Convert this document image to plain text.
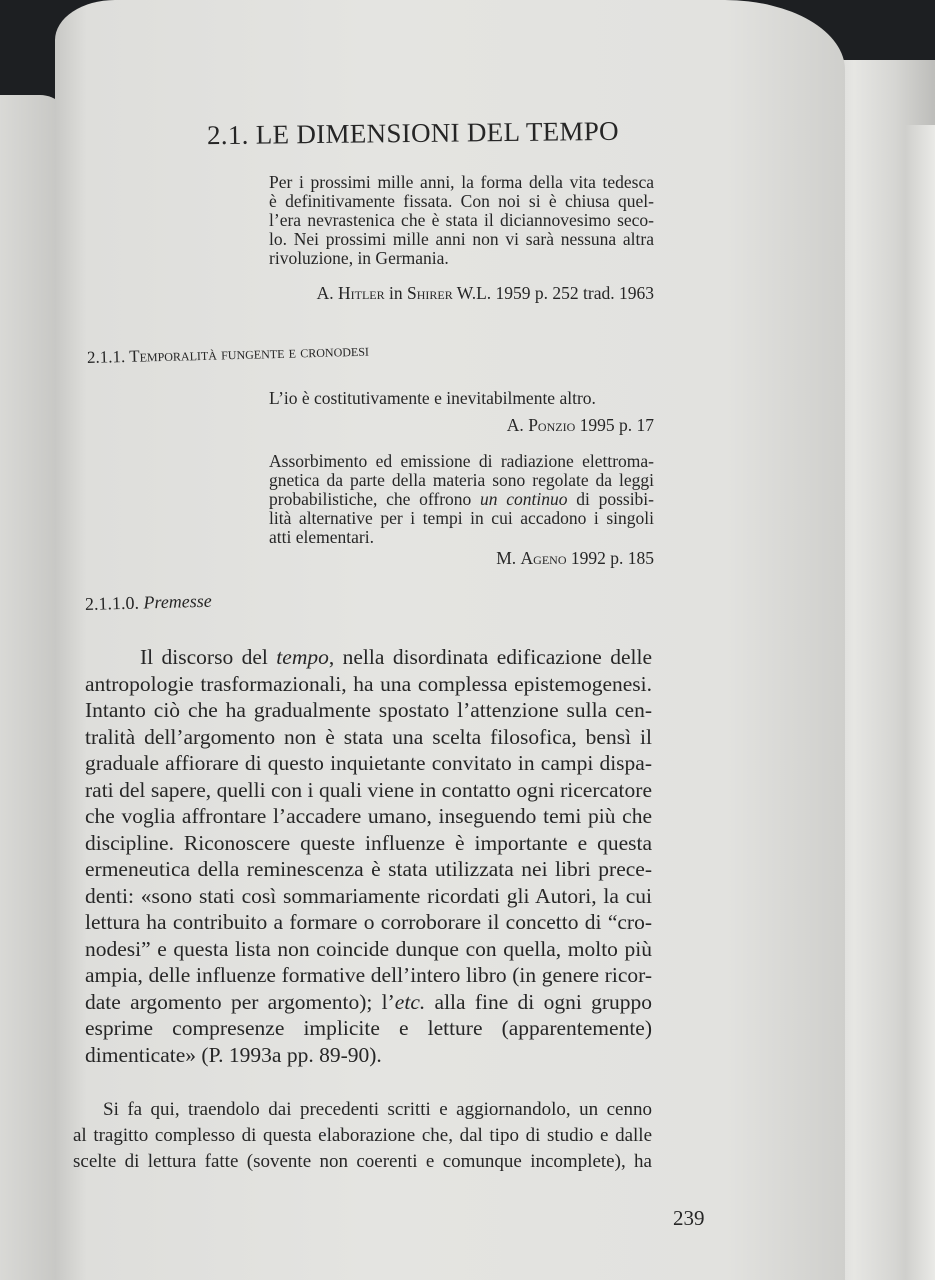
2.1. LE DIMENSIONI DEL TEMPO
Per i prossimi mille anni, la forma della vita tedesca
è definitivamente fissata. Con noi si è chiusa quel-
l’era nevrastenica che è stata il diciannovesimo seco-
lo. Nei prossimi mille anni non vi sarà nessuna altra
rivoluzione, in Germania.
A. Hitler in Shirer W.L. 1959 p. 252 trad. 1963
2.1.1. Temporalità fungente e cronodesi
L’io è costitutivamente e inevitabilmente altro.
A. Ponzio 1995 p. 17
Assorbimento ed emissione di radiazione elettroma-
gnetica da parte della materia sono regolate da leggi
probabilistiche, che offrono un continuo di possibi-
lità alternative per i tempi in cui accadono i singoli
atti elementari.
M. Ageno 1992 p. 185
2.1.1.0. Premesse
Il discorso del tempo, nella disordinata edificazione delle
antropologie trasformazionali, ha una complessa epistemogenesi.
Intanto ciò che ha gradualmente spostato l’attenzione sulla cen-
tralità dell’argomento non è stata una scelta filosofica, bensì il
graduale affiorare di questo inquietante convitato in campi dispa-
rati del sapere, quelli con i quali viene in contatto ogni ricercatore
che voglia affrontare l’accadere umano, inseguendo temi più che
discipline. Riconoscere queste influenze è importante e questa
ermeneutica della reminescenza è stata utilizzata nei libri prece-
denti: «sono stati così sommariamente ricordati gli Autori, la cui
lettura ha contribuito a formare o corroborare il concetto di “cro-
nodesi” e questa lista non coincide dunque con quella, molto più
ampia, delle influenze formative dell’intero libro (in genere ricor-
date argomento per argomento); l’etc. alla fine di ogni gruppo
esprime compresenze implicite e letture (apparentemente)
dimenticate» (P. 1993a pp. 89-90).
Si fa qui, traendolo dai precedenti scritti e aggiornandolo, un cenno
al tragitto complesso di questa elaborazione che, dal tipo di studio e dalle
scelte di lettura fatte (sovente non coerenti e comunque incomplete), ha
239
